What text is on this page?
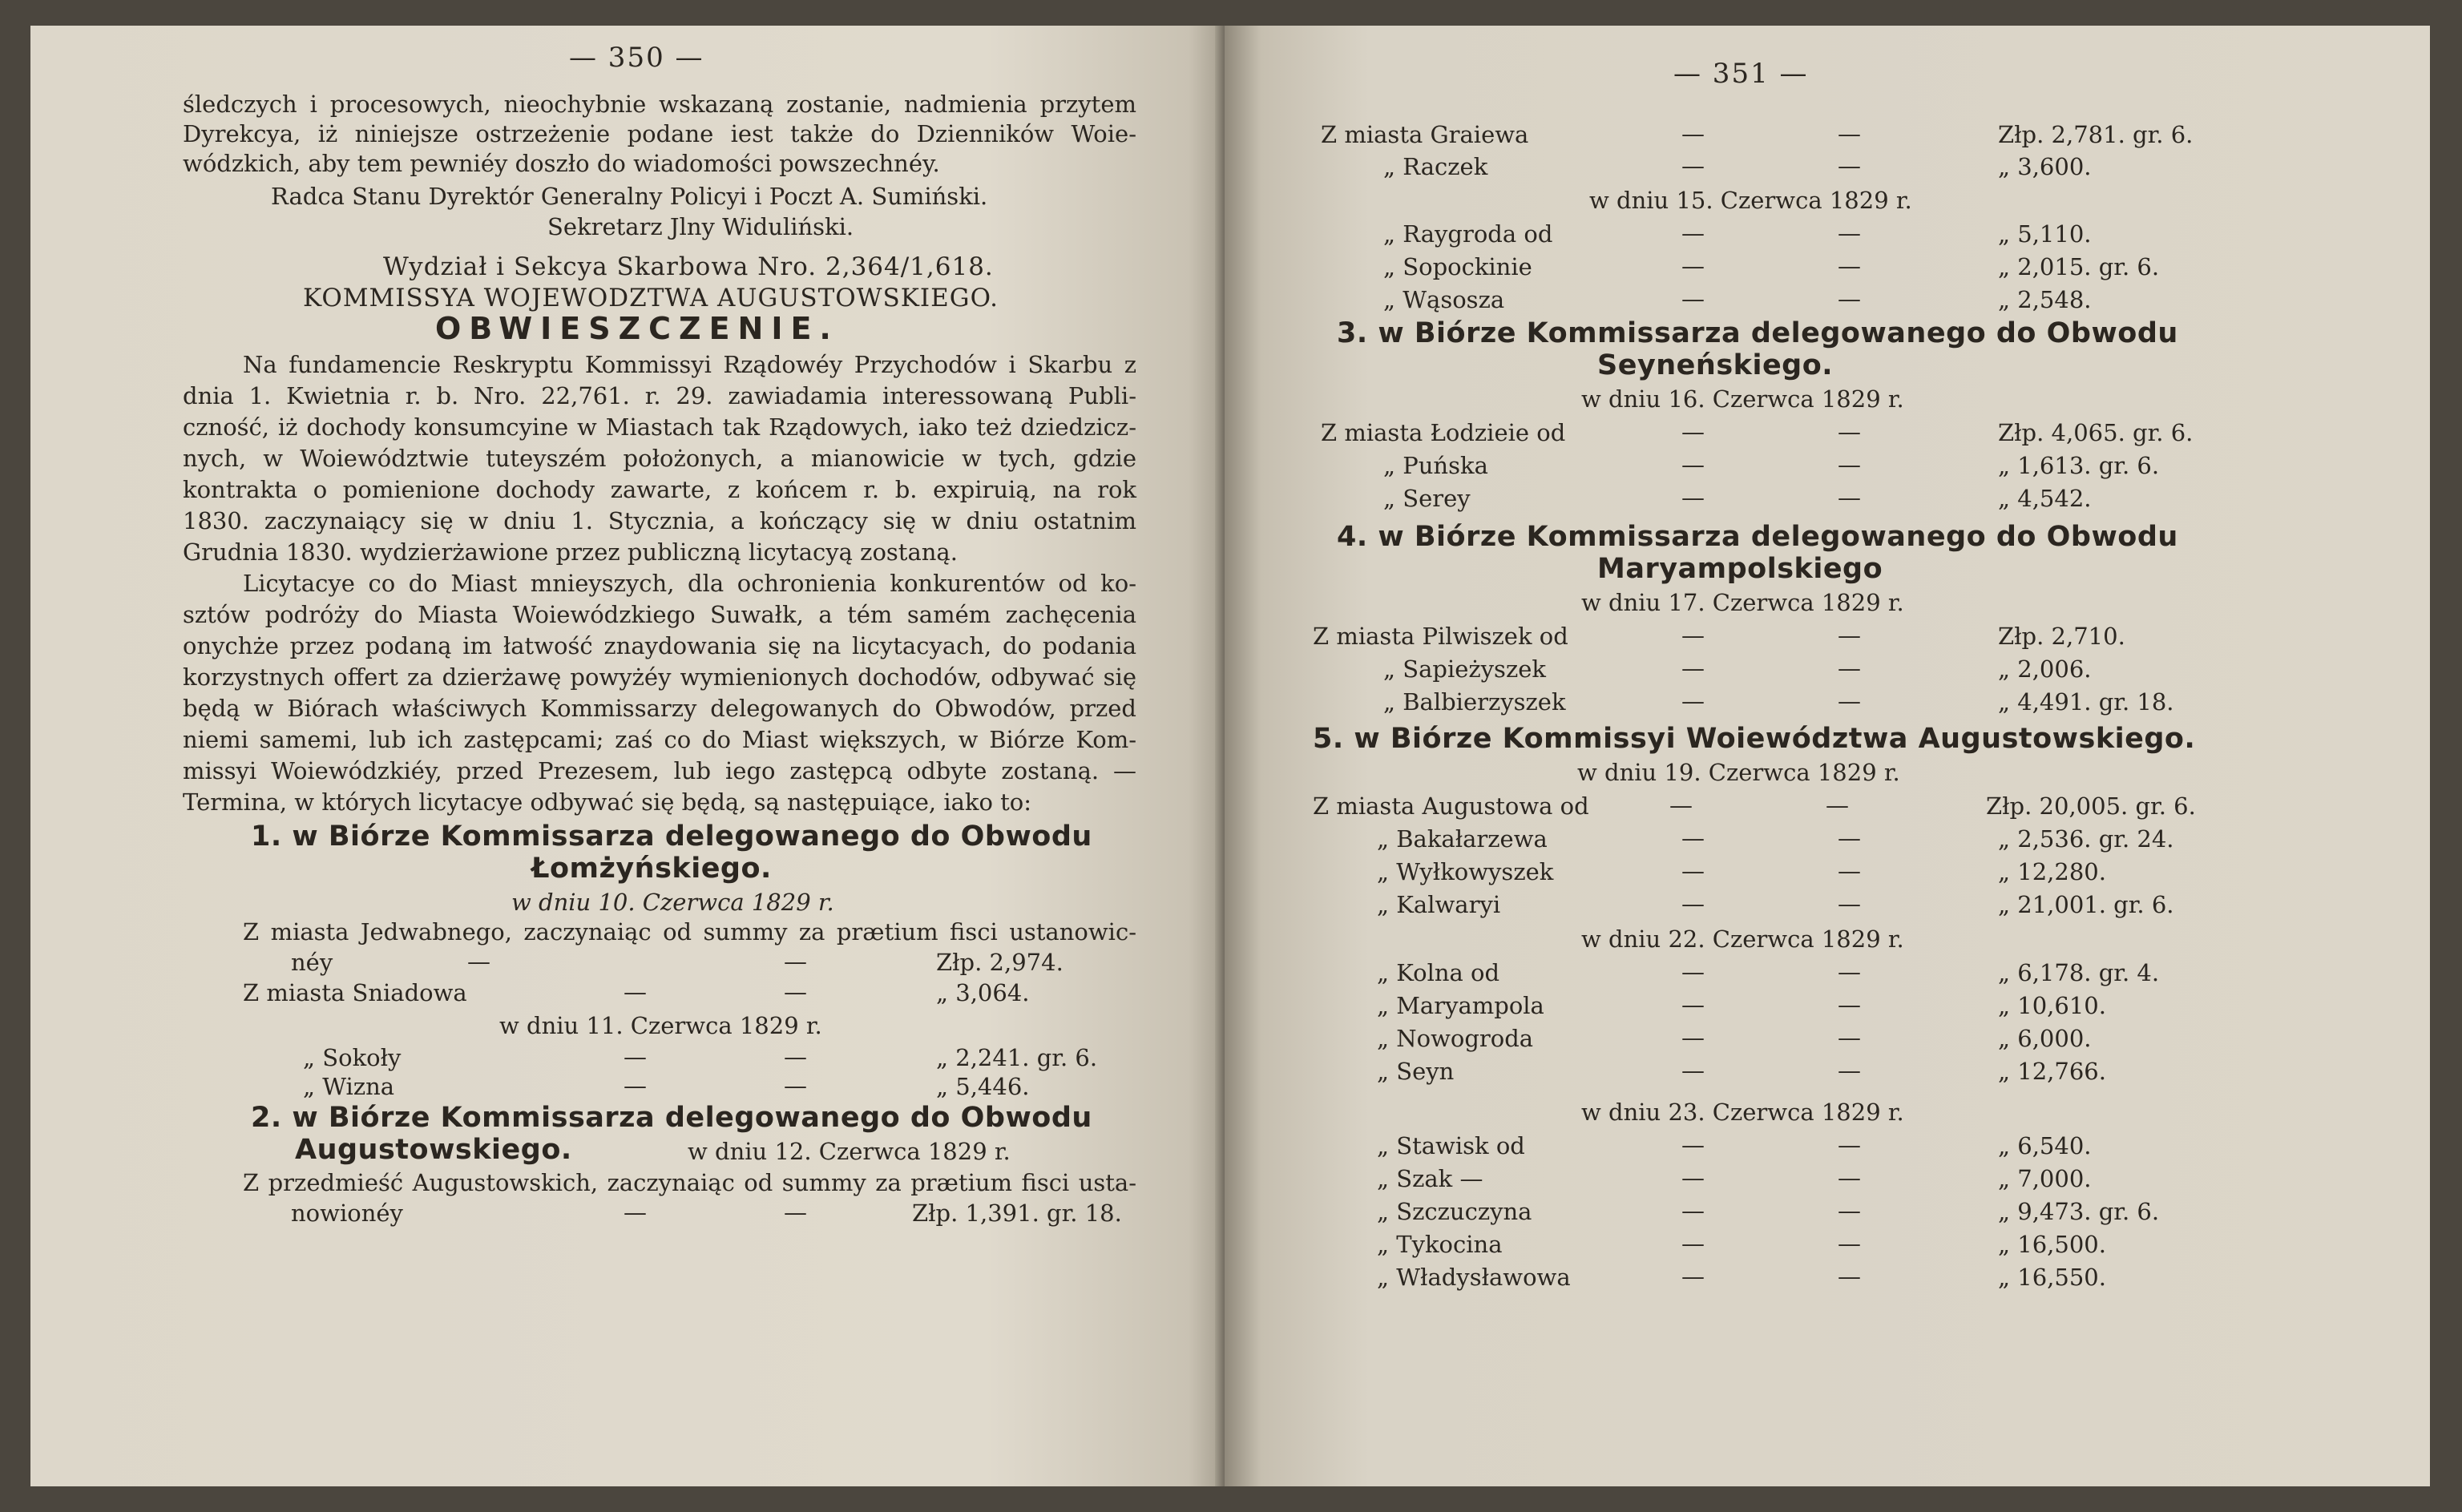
— 350 —
śledczych i procesowych, nieochybnie wskazaną zostanie, nadmienia przytem
Dyrekcya, iż niniejsze ostrzeżenie podane iest także do Dzienników Woie-
wódzkich, aby tem pewniéy doszło do wiadomości powszechnéy.
Radca Stanu Dyrektór Generalny Policyi i Poczt A. Sumiński.
Sekretarz Jlny Widuliński.
Wydział i Sekcya Skarbowa Nro. 2,364/1,618.
KOMMISSYA WOJEWODZTWA AUGUSTOWSKIEGO.
OBWIESZCZENIE.
Na fundamencie Reskryptu Kommissyi Rządowéy Przychodów i Skarbu z
dnia 1. Kwietnia r. b. Nro. 22,761. r. 29. zawiadamia interessowaną Publi-
czność, iż dochody konsumcyine w Miastach tak Rządowych, iako też dziedzicz-
nych, w Woiewództwie tuteyszém położonych, a mianowicie w tych, gdzie
kontrakta o pomienione dochody zawarte, z końcem r. b. expiruią, na rok
1830. zaczynaiący się w dniu 1. Stycznia, a kończący się w dniu ostatnim
Grudnia 1830. wydzierżawione przez publiczną licytacyą zostaną.
Licytacye co do Miast mnieyszych, dla ochronienia konkurentów od ko-
sztów podróży do Miasta Woiewódzkiego Suwałk, a tém samém zachęcenia
onychże przez podaną im łatwość znaydowania się na licytacyach, do podania
korzystnych offert za dzierżawę powyżéy wymienionych dochodów, odbywać się
będą w Biórach właściwych Kommissarzy delegowanych do Obwodów, przed
niemi samemi, lub ich zastępcami; zaś co do Miast większych, w Biórze Kom-
missyi Woiewódzkiéy, przed Prezesem, lub iego zastępcą odbyte zostaną. —
Termina, w których licytacye odbywać się będą, są następuiące, iako to:
1. w Biórze Kommissarza delegowanego do Obwodu
Łomżyńskiego.
w dniu 10. Czerwca 1829 r.
Z miasta Jedwabnego, zaczynaiąc od summy za prætium fisci ustanowic-
néy	—	—	Złp. 2,974.
Z miasta Sniadowa	—	—	„ 3,064.
w dniu 11. Czerwca 1829 r.
„ Sokoły	—	—	„ 2,241. gr. 6.
„ Wizna	—	—	„ 5,446.
2. w Biórze Kommissarza delegowanego do Obwodu
Augustowskiego.	w dniu 12. Czerwca 1829 r.
Z przedmieść Augustowskich, zaczynaiąc od summy za prætium fisci usta-
nowionéy	—	—	Złp. 1,391. gr. 18.
— 351 —
Z miasta Graiewa	—	—	Złp. 2,781. gr. 6.
„ Raczek	—	—	„ 3,600.
w dniu 15. Czerwca 1829 r.
„ Raygroda od	—	—	„ 5,110.
„ Sopockinie	—	—	„ 2,015. gr. 6.
„ Wąsosza	—	—	„ 2,548.
3. w Biórze Kommissarza delegowanego do Obwodu
Seyneńskiego.
w dniu 16. Czerwca 1829 r.
Z miasta Łodzieie od	—	—	Złp. 4,065. gr. 6.
„ Puńska	—	—	„ 1,613. gr. 6.
„ Serey	—	—	„ 4,542.
4. w Biórze Kommissarza delegowanego do Obwodu
Maryampolskiego
w dniu 17. Czerwca 1829 r.
Z miasta Pilwiszek od	—	—	Złp. 2,710.
„ Sapieżyszek	—	—	„ 2,006.
„ Balbierzyszek	—	—	„ 4,491. gr. 18.
5. w Biórze Kommissyi Woiewództwa Augustowskiego.
w dniu 19. Czerwca 1829 r.
Z miasta Augustowa od	—	—	Złp. 20,005. gr. 6.
„ Bakałarzewa	—	—	„ 2,536. gr. 24.
„ Wyłkowyszek	—	—	„ 12,280.
„ Kalwaryi	—	—	„ 21,001. gr. 6.
w dniu 22. Czerwca 1829 r.
„ Kolna od	—	—	„ 6,178. gr. 4.
„ Maryampola	—	—	„ 10,610.
„ Nowogroda	—	—	„ 6,000.
„ Seyn	—	—	„ 12,766.
w dniu 23. Czerwca 1829 r.
„ Stawisk od	—	—	„ 6,540.
„ Szak —	—	—	„ 7,000.
„ Szczuczyna	—	—	„ 9,473. gr. 6.
„ Tykocina	—	—	„ 16,500.
„ Władysławowa	—	—	„ 16,550.
